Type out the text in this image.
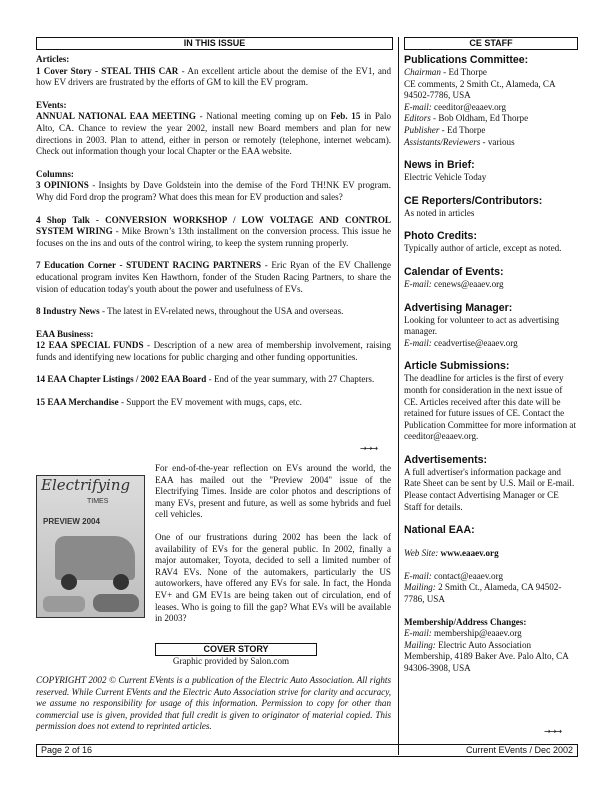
IN THIS ISSUE	CE STAFF

Articles:

1 Cover Story - STEAL THIS CAR - An excellent article about the demise of the EV1, and how EV drivers are frustrated by the efforts of GM to kill the EV program.

EVents:

ANNUAL NATIONAL EAA MEETING - National meeting coming up on Feb. 15 in Palo Alto, CA. Chance to review the year 2002, install new Board members and plan for new directions in 2003. Plan to attend, either in person or remotely (telephone, internet webcam). Check out information though your local Chapter or the EAA website.

Columns:

3 OPINIONS - Insights by Dave Goldstein into the demise of the Ford TH!NK EV program. Why did Ford drop the program? What does this mean for EV production and sales?

4 Shop Talk - CONVERSION WORKSHOP / LOW VOLTAGE AND CONTROL SYSTEM WIRING - Mike Brown’s 13th installment on the conversion process. This issue he focuses on the ins and outs of the control wiring, to keep the system running properly.

7 Education Corner - STUDENT RACING PARTNERS - Eric Ryan of the EV Challenge educational program invites Ken Hawthorn, fonder of the Studen Racing Partners, to share the vision of education today's youth about the power and usefulness of EVs.

8 Industry News - The latest in EV-related news, throughout the USA and overseas.

EAA Business:

12 EAA SPECIAL FUNDS - Description of a new area of membership involvement, raising funds and identifying new locations for public charging and other funding opportunities.

14 EAA Chapter Listings / 2002 EAA Board - End of the year summary, with 27 Chapters.

15 EAA Merchandise - Support the EV movement with mugs, caps, etc.

→→→
Electrifying
TIMES
PREVIEW 2004

For end-of-the-year reflection on EVs around the world, the EAA has mailed out the "Preview 2004" issue of the Electrifying Times. Inside are color photos and descriptions of many EVs, present and future, as well as some hybrids and fuel cell vehicles.

One of our frustrations during 2002 has been the lack of availability of EVs for the general public. In 2002, finally a major automaker, Toyota, decided to sell a limited number of RAV4 EVs. None of the automakers, particularly the US autoworkers, have offered any EVs for sale. In fact, the Honda EV+ and GM EV1s are being taken out of circulation, end of leases. Who is going to fill the gap? What EVs will be available in 2003?

COVER STORY

Graphic provided by Salon.com

COPYRIGHT 2002 © Current EVents is a publication of the Electric Auto Association. All rights reserved. While Current EVents and the Electric Auto Association strive for clarity and accuracy, we assume no responsibility for usage of this information. Permission to copy for other than commercial use is given, provided that full credit is given to originator of material copied. This permission does not extend to reprinted articles.

Publications Committee:

Chairman - Ed Thorpe

CE comments, 2 Smith Ct., Alameda, CA 94502-7786, USA

E-mail: ceeditor@eaaev.org

Editors - Bob Oldham, Ed Thorpe

Publisher - Ed Thorpe

Assistants/Reviewers - various

News in Brief:

Electric Vehicle Today

CE Reporters/Contributors:

As noted in articles

Photo Credits:

Typically author of article, except as noted.

Calendar of Events:

E-mail: cenews@eaaev.org

Advertising Manager:

Looking for volunteer to act as advertising manager.

E-mail: ceadvertise@eaaev.org

Article Submissions:

The deadline for articles is the first of every month for consideration in the next issue of CE. Articles received after this date will be retained for future issues of CE. Contact the Publication Committee for more information at ceeditor@eaaev.org.

Advertisements:

A full advertiser's information package and Rate Sheet can be sent by U.S. Mail or E-mail. Please contact Advertising Manager or CE Staff for details.

National EAA:

Web Site: www.eaaev.org

E-mail: contact@eaaev.org

Mailing: 2 Smith Ct., Alameda, CA 94502-7786, USA

Membership/Address Changes:

E-mail: membership@eaaev.org

Mailing: Electric Auto Association Membership, 4189 Baker Ave. Palo Alto, CA 94306-3908, USA

→→→
Page 2 of 16	Current EVents / Dec 2002
